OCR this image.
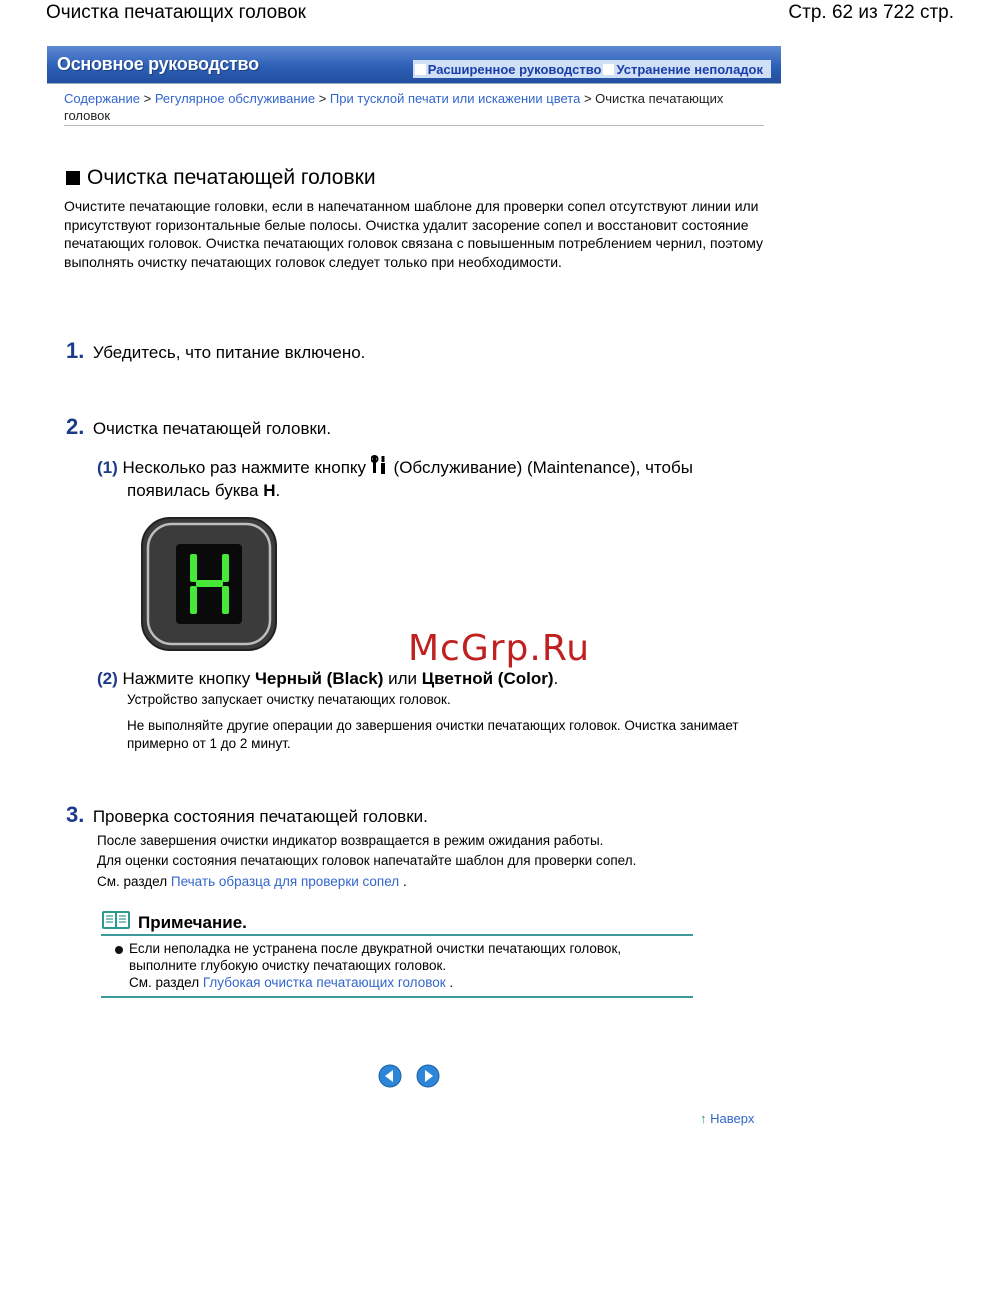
Очистка печатающих головок	Стр. 62 из 722 стр.
Основное руководство	Расширенное руководство Устранение неполадок
Содержание > Регулярное обслуживание > При тусклой печати или искажении цвета > Очистка печатающих головок
Очистка печатающей головки
Очистите печатающие головки, если в напечатанном шаблоне для проверки сопел отсутствуют линии или присутствуют горизонтальные белые полосы. Очистка удалит засорение сопел и восстановит состояние печатающих головок. Очистка печатающих головок связана с повышенным потреблением чернил, поэтому выполнять очистку печатающих головок следует только при необходимости.
1. Убедитесь, что питание включено.
2. Очистка печатающей головки.
(1) Несколько раз нажмите кнопку (Обслуживание) (Maintenance), чтобы
появилась буква H.
McGrp.Ru
(2) Нажмите кнопку Черный (Black) или Цветной (Color).
Устройство запускает очистку печатающих головок.
Не выполняйте другие операции до завершения очистки печатающих головок. Очистка занимает примерно от 1 до 2 минут.
3. Проверка состояния печатающей головки.
После завершения очистки индикатор возвращается в режим ожидания работы.
Для оценки состояния печатающих головок напечатайте шаблон для проверки сопел.
См. раздел Печать образца для проверки сопел .
Примечание.
Если неполадка не устранена после двукратной очистки печатающих головок, выполните глубокую очистку печатающих головок.
См. раздел Глубокая очистка печатающих головок .
↑ Наверх
